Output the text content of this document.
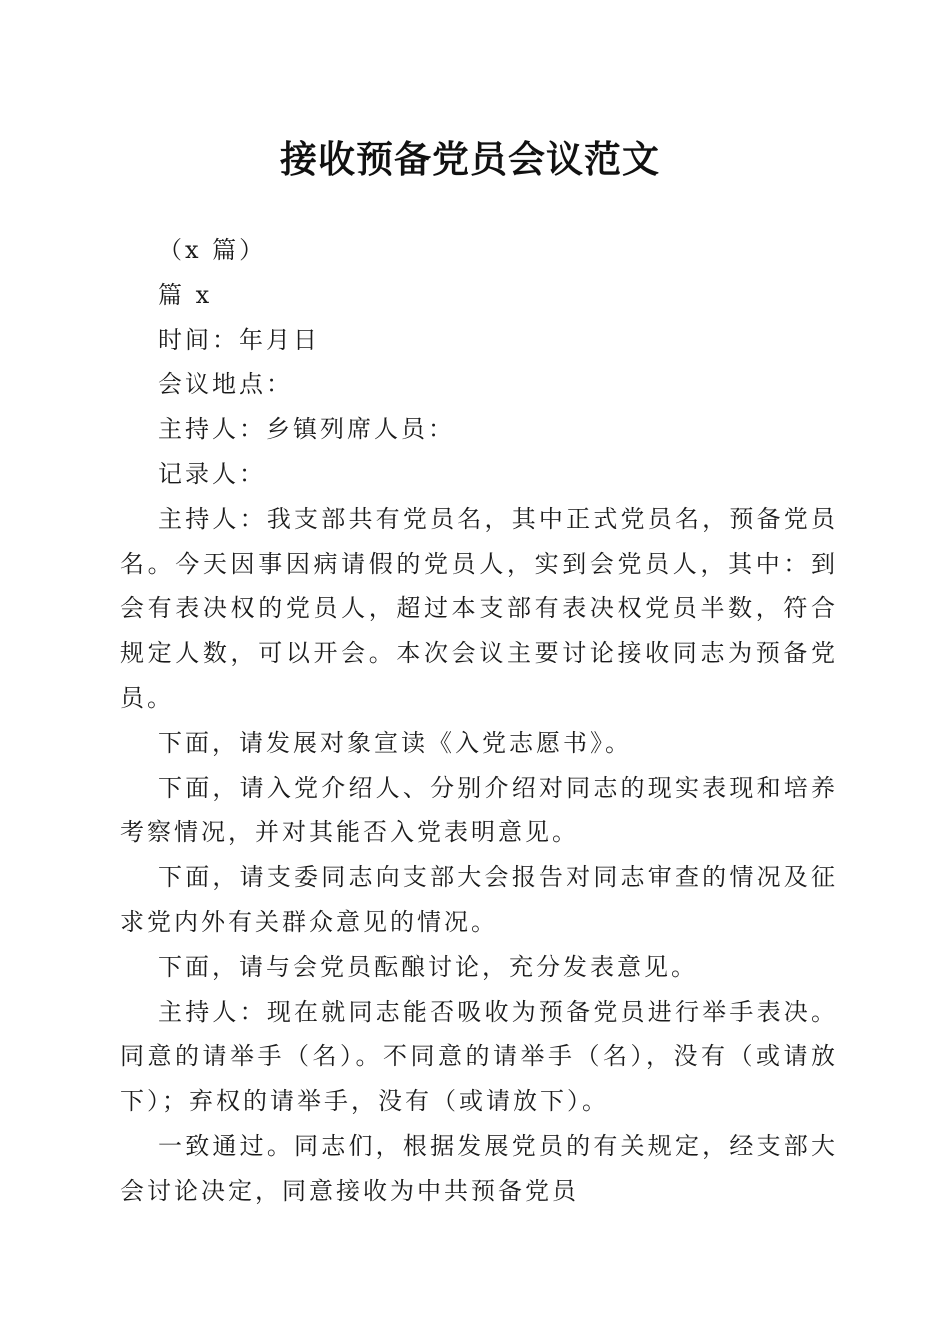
接收预备党员会议范文

（x 篇）

篇 x

时间：年月日

会议地点：

主持人：乡镇列席人员：

记录人：

主持人：我支部共有党员名，其中正式党员名，预备党员名。今天因事因病请假的党员人，实到会党员人，其中：到会有表决权的党员人，超过本支部有表决权党员半数，符合规定人数，可以开会。本次会议主要讨论接收同志为预备党员。

下面，请发展对象宣读《入党志愿书》。

下面，请入党介绍人、分别介绍对同志的现实表现和培养考察情况，并对其能否入党表明意见。

下面，请支委同志向支部大会报告对同志审查的情况及征求党内外有关群众意见的情况。

下面，请与会党员酝酿讨论，充分发表意见。

主持人：现在就同志能否吸收为预备党员进行举手表决。同意的请举手（名）。不同意的请举手（名），没有（或请放下）；弃权的请举手，没有（或请放下）。

一致通过。同志们，根据发展党员的有关规定，经支部大会讨论决定，同意接收为中共预备党员
